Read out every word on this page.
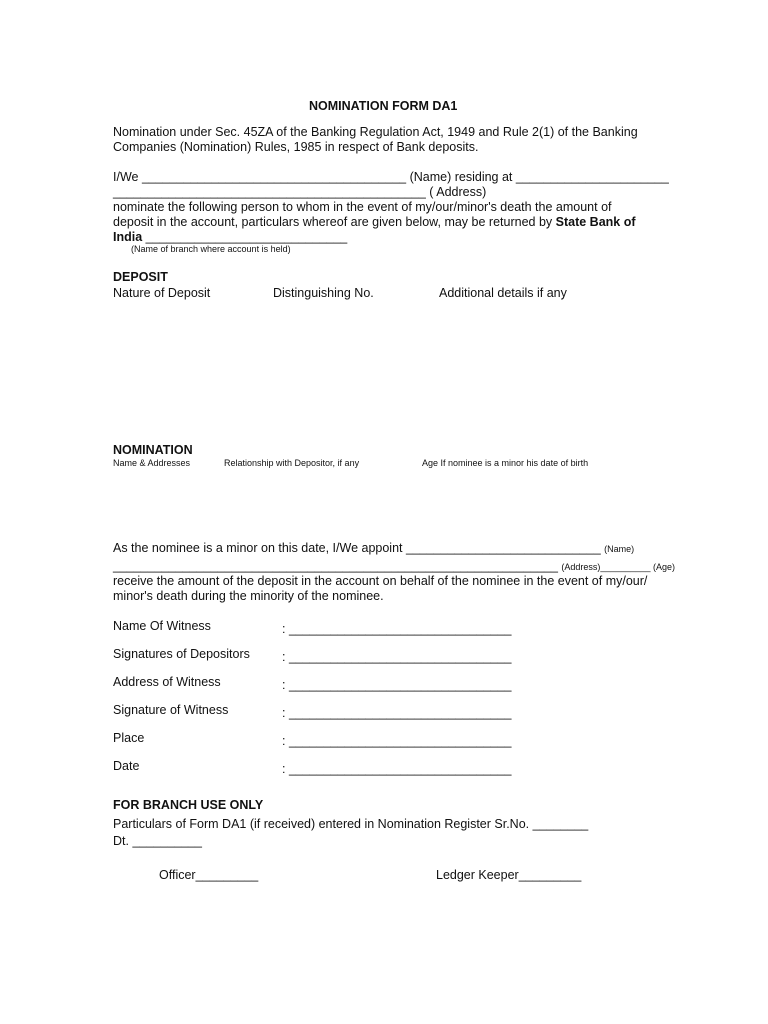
NOMINATION FORM DA1
Nomination under Sec. 45ZA of the Banking Regulation Act, 1949 and Rule 2(1) of the Banking
Companies (Nomination) Rules, 1985 in respect of Bank deposits.
I/We ______________________________________ (Name) residing at ______________________
_____________________________________________ ( Address)
nominate the following person to whom in the event of my/our/minor's death the amount of
deposit in the account, particulars whereof are given below, may be returned by State Bank of
India _____________________________
(Name of branch where account is held)
DEPOSIT
Nature of Deposit	Distinguishing No.	Additional details if any
NOMINATION
Name & Addresses	Relationship with Depositor, if any	Age If nominee is a minor his date of birth
As the nominee is a minor on this date, I/We appoint ____________________________ (Name)
________________________________________________________________ (Address)__________ (Age)
receive the amount of the deposit in the account on behalf of the nominee in the event of my/our/
minor's death during the minority of the nominee.
Name Of Witness	: ________________________________
Signatures of Depositors	: ________________________________
Address of Witness	: ________________________________
Signature of Witness	: ________________________________
Place	: ________________________________
Date	: ________________________________
FOR BRANCH USE ONLY
Particulars of Form DA1 (if received) entered in Nomination Register Sr.No. ________
Dt. __________
Officer_________	Ledger Keeper_________
